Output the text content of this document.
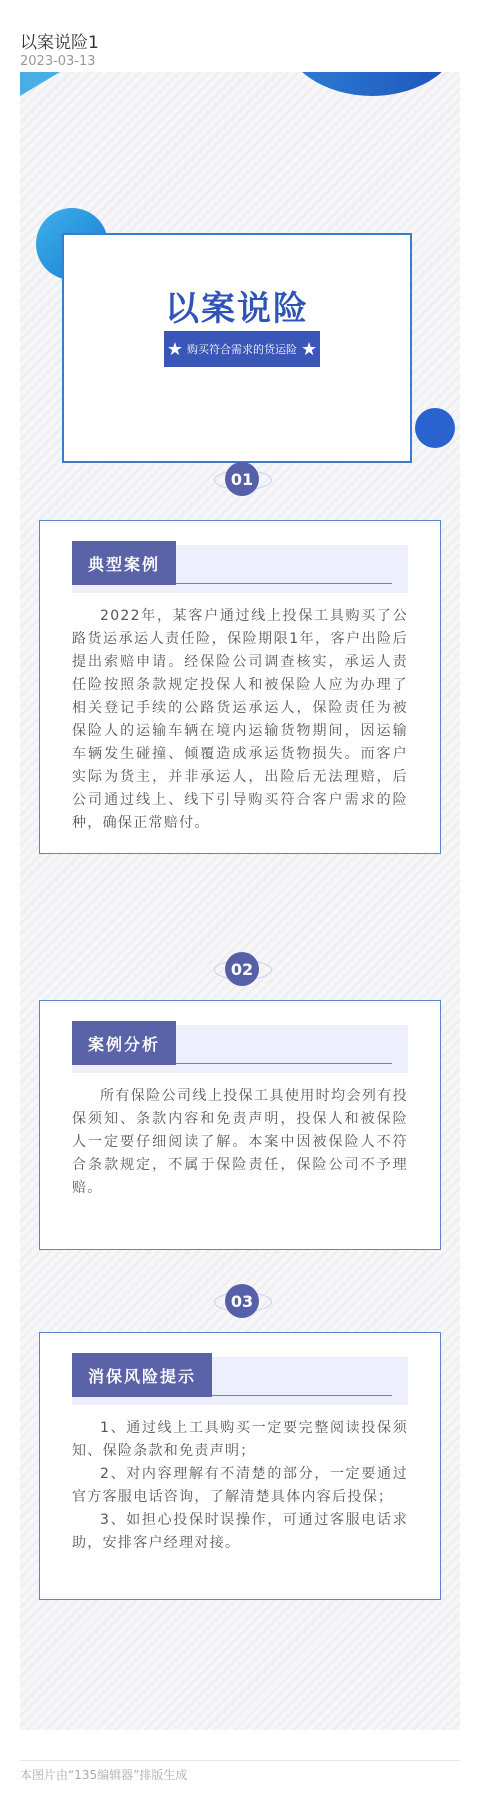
以案说险1
2023-03-13
以案说险
★ 购买符合需求的货运险 ★
01
典型案例

2022年，某客户通过线上投保工具购买了公路货运承运人责任险，保险期限1年，客户出险后提出索赔申请。经保险公司调查核实，承运人责任险按照条款规定投保人和被保险人应为办理了相关登记手续的公路货运承运人，保险责任为被保险人的运输车辆在境内运输货物期间，因运输车辆发生碰撞、倾覆造成承运货物损失。而客户实际为货主，并非承运人，出险后无法理赔，后公司通过线上、线下引导购买符合客户需求的险种，确保正常赔付。

02
案例分析

所有保险公司线上投保工具使用时均会列有投保须知、条款内容和免责声明，投保人和被保险人一定要仔细阅读了解。本案中因被保险人不符合条款规定，不属于保险责任，保险公司不予理赔。

03
消保风险提示

1、通过线上工具购买一定要完整阅读投保须知、保险条款和免责声明；

2、对内容理解有不清楚的部分，一定要通过官方客服电话咨询，了解清楚具体内容后投保；

3、如担心投保时误操作，可通过客服电话求助，安排客户经理对接。

本图片由“135编辑器”排版生成
